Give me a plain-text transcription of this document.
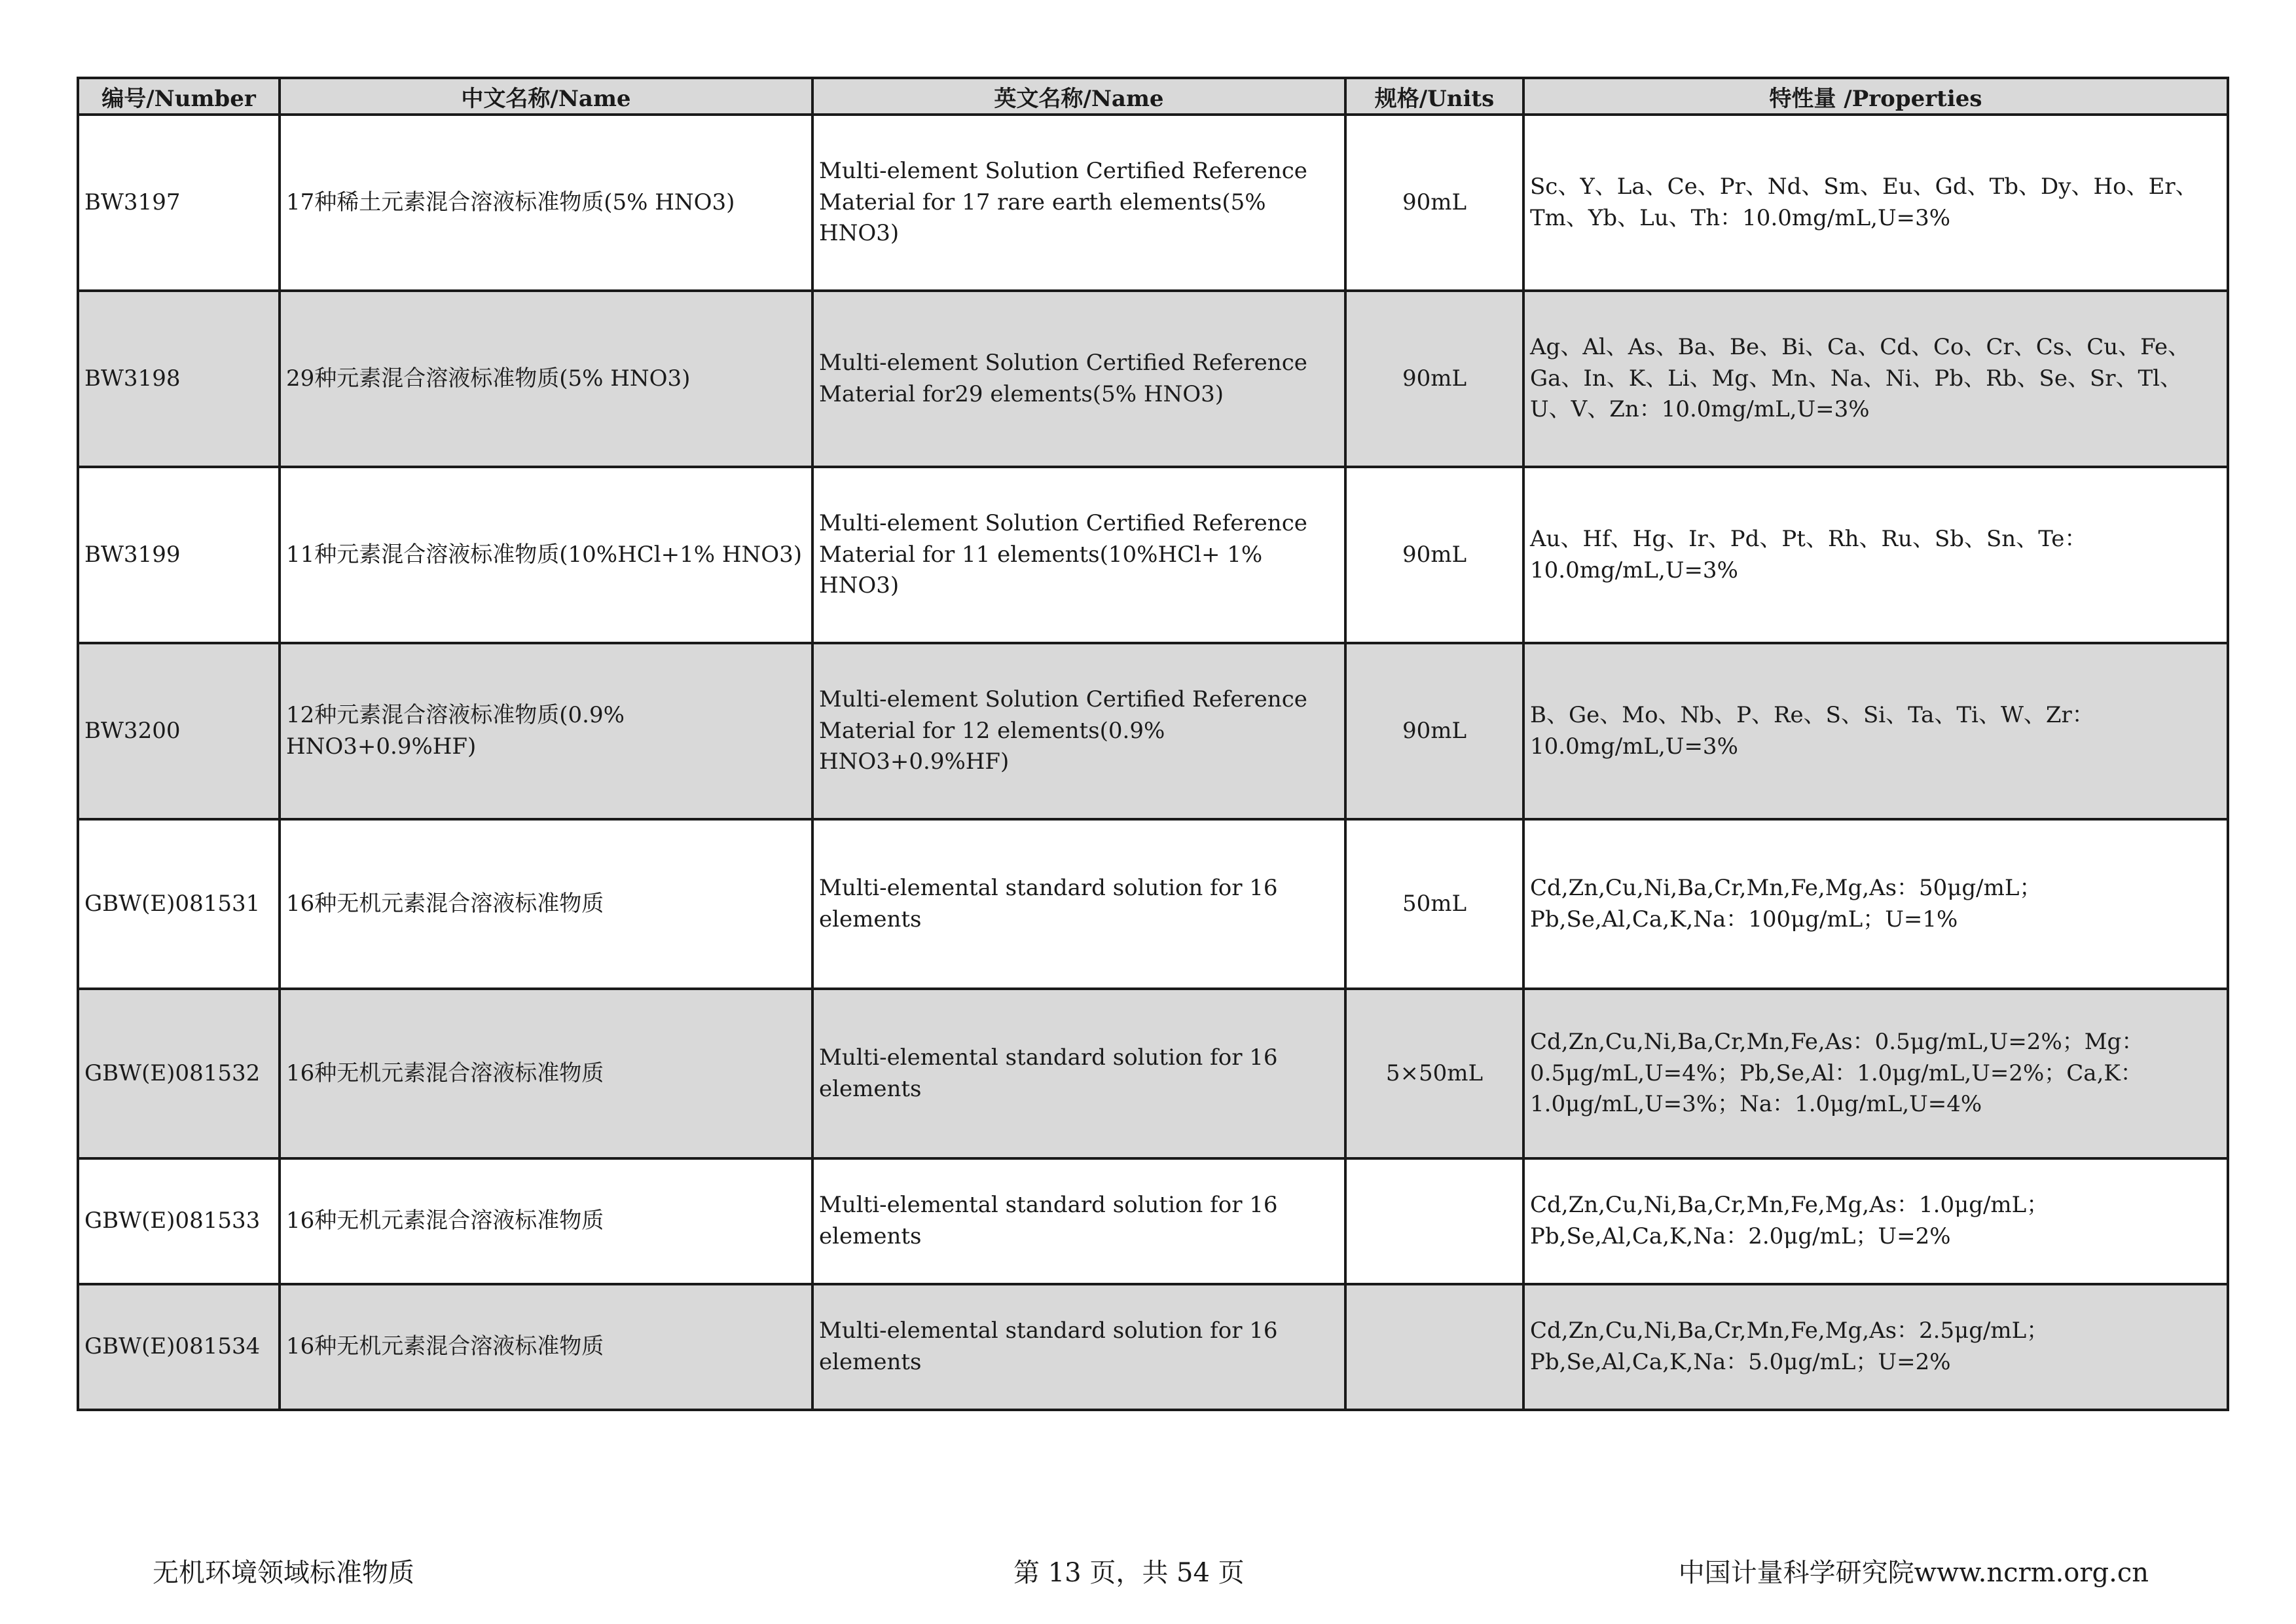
编号/Number	中文名称/Name	英文名称/Name	规格/Units	特性量 /Properties
BW3197	17种稀土元素混合溶液标准物质(5% HNO3)	Multi-element Solution Certified Reference Material for 17 rare earth elements(5% HNO3)	90mL	Sc、Y、La、Ce、Pr、Nd、Sm、Eu、Gd、Tb、Dy、Ho、Er、Tm、Yb、Lu、Th：10.0mg/mL,U=3%
BW3198	29种元素混合溶液标准物质(5% HNO3)	Multi-element Solution Certified Reference Material for29 elements(5% HNO3)	90mL	Ag、Al、As、Ba、Be、Bi、Ca、Cd、Co、Cr、Cs、Cu、Fe、Ga、In、K、Li、Mg、Mn、Na、Ni、Pb、Rb、Se、Sr、Tl、U、V、Zn：10.0mg/mL,U=3%
BW3199	11种元素混合溶液标准物质(10%HCl+1% HNO3)	Multi-element Solution Certified Reference Material for 11 elements(10%HCl+ 1% HNO3)	90mL	Au、Hf、Hg、Ir、Pd、Pt、Rh、Ru、Sb、Sn、Te：10.0mg/mL,U=3%
BW3200	12种元素混合溶液标准物质(0.9% HNO3+0.9%HF)	Multi-element Solution Certified Reference Material for 12 elements(0.9% HNO3+0.9%HF)	90mL	B、Ge、Mo、Nb、P、Re、S、Si、Ta、Ti、W、Zr：10.0mg/mL,U=3%
GBW(E)081531	16种无机元素混合溶液标准物质	Multi-elemental standard solution for 16 elements	50mL	Cd,Zn,Cu,Ni,Ba,Cr,Mn,Fe,Mg,As：50μg/mL；Pb,Se,Al,Ca,K,Na：100μg/mL；U=1%
GBW(E)081532	16种无机元素混合溶液标准物质	Multi-elemental standard solution for 16 elements	5×50mL	Cd,Zn,Cu,Ni,Ba,Cr,Mn,Fe,As：0.5μg/mL,U=2%；Mg：0.5μg/mL,U=4%；Pb,Se,Al：1.0μg/mL,U=2%；Ca,K：1.0μg/mL,U=3%；Na：1.0μg/mL,U=4%
GBW(E)081533	16种无机元素混合溶液标准物质	Multi-elemental standard solution for 16 elements		Cd,Zn,Cu,Ni,Ba,Cr,Mn,Fe,Mg,As：1.0μg/mL；Pb,Se,Al,Ca,K,Na：2.0μg/mL；U=2%
GBW(E)081534	16种无机元素混合溶液标准物质	Multi-elemental standard solution for 16 elements		Cd,Zn,Cu,Ni,Ba,Cr,Mn,Fe,Mg,As：2.5μg/mL；Pb,Se,Al,Ca,K,Na：5.0μg/mL；U=2%
无机环境领域标准物质	第 13 页，共 54 页	中国计量科学研究院www.ncrm.org.cn
